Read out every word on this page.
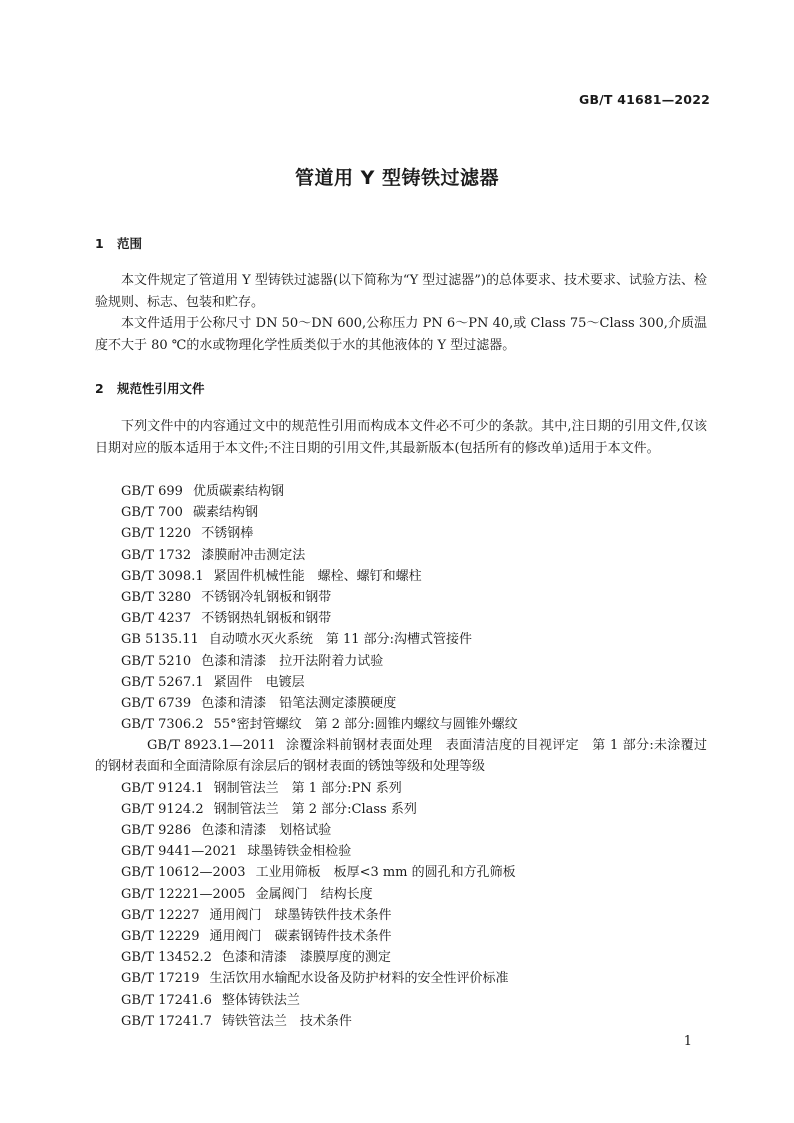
GB/T 41681—2022
管道用 Y 型铸铁过滤器
1 范围
本文件规定了管道用 Y 型铸铁过滤器(以下简称为“Y 型过滤器”)的总体要求、技术要求、试验方法、检验规则、标志、包装和贮存。
本文件适用于公称尺寸 DN 50～DN 600,公称压力 PN 6～PN 40,或 Class 75～Class 300,介质温度不大于 80 ℃的水或物理化学性质类似于水的其他液体的 Y 型过滤器。
2 规范性引用文件
下列文件中的内容通过文中的规范性引用而构成本文件必不可少的条款。其中,注日期的引用文件,仅该日期对应的版本适用于本文件;不注日期的引用文件,其最新版本(包括所有的修改单)适用于本文件。
GB/T 699 优质碳素结构钢
GB/T 700 碳素结构钢
GB/T 1220 不锈钢棒
GB/T 1732 漆膜耐冲击测定法
GB/T 3098.1 紧固件机械性能　螺栓、螺钉和螺柱
GB/T 3280 不锈钢冷轧钢板和钢带
GB/T 4237 不锈钢热轧钢板和钢带
GB 5135.11 自动喷水灭火系统　第 11 部分:沟槽式管接件
GB/T 5210 色漆和清漆　拉开法附着力试验
GB/T 5267.1 紧固件　电镀层
GB/T 6739 色漆和清漆　铅笔法测定漆膜硬度
GB/T 7306.2 55°密封管螺纹　第 2 部分:圆锥内螺纹与圆锥外螺纹
GB/T 8923.1—2011 涂覆涂料前钢材表面处理　表面清洁度的目视评定　第 1 部分:未涂覆过的钢材表面和全面清除原有涂层后的钢材表面的锈蚀等级和处理等级
GB/T 9124.1 钢制管法兰　第 1 部分:PN 系列
GB/T 9124.2 钢制管法兰　第 2 部分:Class 系列
GB/T 9286 色漆和清漆　划格试验
GB/T 9441—2021 球墨铸铁金相检验
GB/T 10612—2003 工业用筛板　板厚<3 mm 的圆孔和方孔筛板
GB/T 12221—2005 金属阀门　结构长度
GB/T 12227 通用阀门　球墨铸铁件技术条件
GB/T 12229 通用阀门　碳素钢铸件技术条件
GB/T 13452.2 色漆和清漆　漆膜厚度的测定
GB/T 17219 生活饮用水输配水设备及防护材料的安全性评价标准
GB/T 17241.6 整体铸铁法兰
GB/T 17241.7 铸铁管法兰　技术条件
1
